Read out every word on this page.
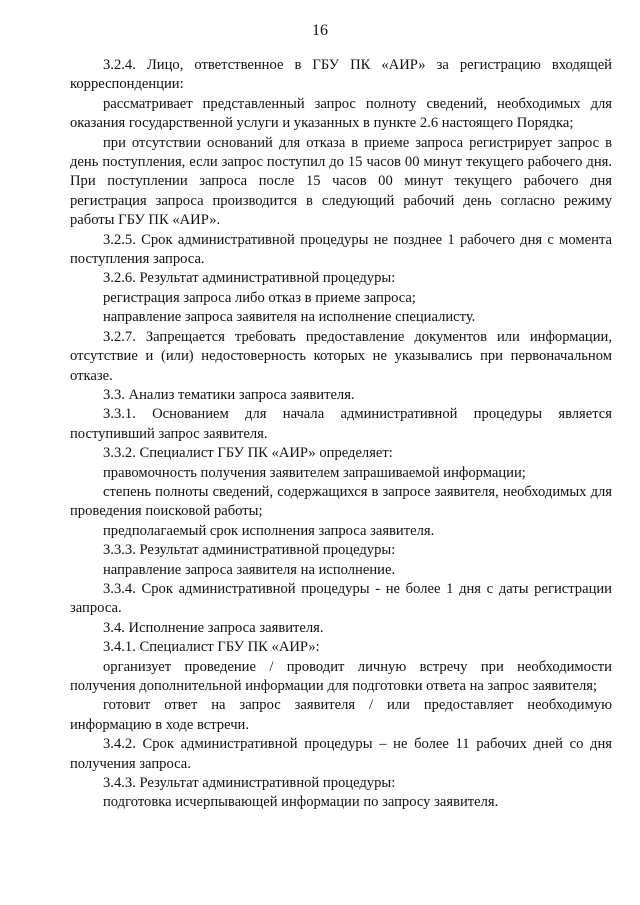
16

3.2.4. Лицо, ответственное в ГБУ ПК «АИР» за регистрацию входящей корреспонденции:

рассматривает представленный запрос полноту сведений, необходимых для оказания государственной услуги и указанных в пункте 2.6 настоящего Порядка;

при отсутствии оснований для отказа в приеме запроса регистрирует запрос в день поступления, если запрос поступил до 15 часов 00 минут текущего рабочего дня. При поступлении запроса после 15 часов 00 минут текущего рабочего дня регистрация запроса производится в следующий рабочий день согласно режиму работы ГБУ ПК «АИР».

3.2.5. Срок административной процедуры не позднее 1 рабочего дня с момента поступления запроса.

3.2.6. Результат административной процедуры:

регистрация запроса либо отказ в приеме запроса;

направление запроса заявителя на исполнение специалисту.

3.2.7. Запрещается требовать предоставление документов или информации, отсутствие и (или) недостоверность которых не указывались при первоначальном отказе.

3.3. Анализ тематики запроса заявителя.

3.3.1. Основанием для начала административной процедуры является поступивший запрос заявителя.

3.3.2. Специалист ГБУ ПК «АИР» определяет:

правомочность получения заявителем запрашиваемой информации;

степень полноты сведений, содержащихся в запросе заявителя, необходимых для проведения поисковой работы;

предполагаемый срок исполнения запроса заявителя.

3.3.3. Результат административной процедуры:

направление запроса заявителя на исполнение.

3.3.4. Срок административной процедуры - не более 1 дня с даты регистрации запроса.

3.4. Исполнение запроса заявителя.

3.4.1. Специалист ГБУ ПК «АИР»:

организует проведение / проводит личную встречу при необходимости получения дополнительной информации для подготовки ответа на запрос заявителя;

готовит ответ на запрос заявителя / или предоставляет необходимую информацию в ходе встречи.

3.4.2. Срок административной процедуры – не более 11 рабочих дней со дня получения запроса.

3.4.3. Результат административной процедуры:

подготовка исчерпывающей информации по запросу заявителя.
